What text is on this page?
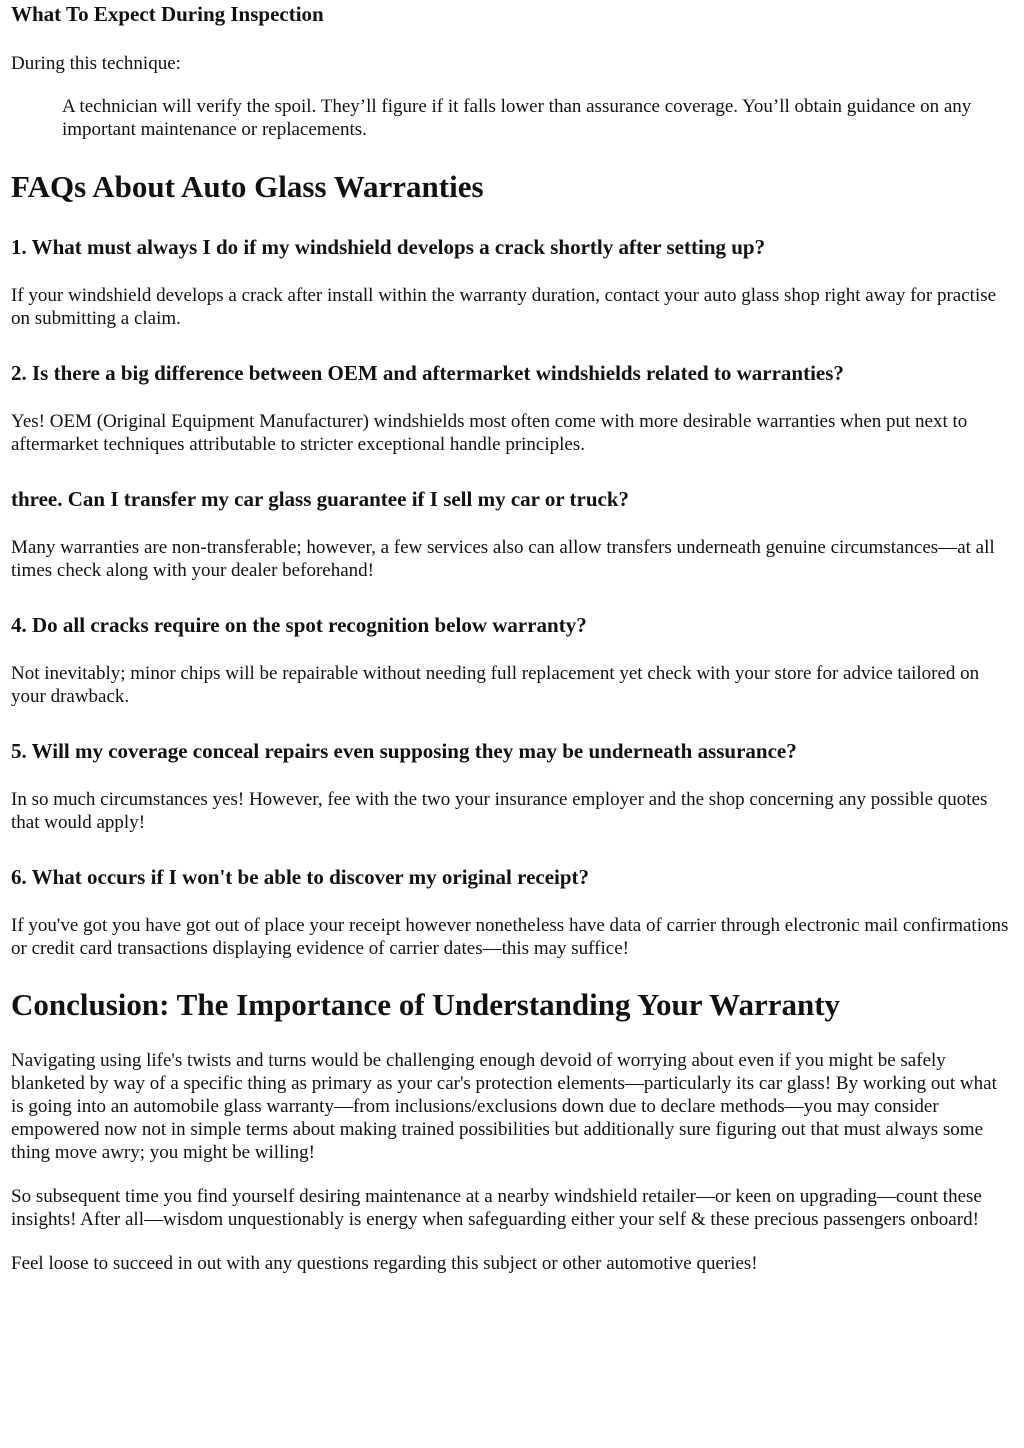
What To Expect During Inspection

During this technique:

A technician will verify the spoil. They’ll figure if it falls lower than assurance coverage. You’ll obtain guidance on any important maintenance or replacements.
FAQs About Auto Glass Warranties
1. What must always I do if my windshield develops a crack shortly after setting up?

If your windshield develops a crack after install within the warranty duration, contact your auto glass shop right away for practise on submitting a claim.

2. Is there a big difference between OEM and aftermarket windshields related to warranties?

Yes! OEM (Original Equipment Manufacturer) windshields most often come with more desirable warranties when put next to aftermarket techniques attributable to stricter exceptional handle principles.

three. Can I transfer my car glass guarantee if I sell my car or truck?

Many warranties are non-transferable; however, a few services also can allow transfers underneath genuine circumstances—at all times check along with your dealer beforehand!

4. Do all cracks require on the spot recognition below warranty?

Not inevitably; minor chips will be repairable without needing full replacement yet check with your store for advice tailored on your drawback.

5. Will my coverage conceal repairs even supposing they may be underneath assurance?

In so much circumstances yes! However, fee with the two your insurance employer and the shop concerning any possible quotes that would apply!

6. What occurs if I won't be able to discover my original receipt?

If you've got you have got out of place your receipt however nonetheless have data of carrier through electronic mail confirmations or credit card transactions displaying evidence of carrier dates—this may suffice!

Conclusion: The Importance of Understanding Your Warranty

Navigating using life's twists and turns would be challenging enough devoid of worrying about even if you might be safely blanketed by way of a specific thing as primary as your car's protection elements—particularly its car glass! By working out what is going into an automobile glass warranty—from inclusions/exclusions down due to declare methods—you may consider empowered now not in simple terms about making trained possibilities but additionally sure figuring out that must always some thing move awry; you might be willing!

So subsequent time you find yourself desiring maintenance at a nearby windshield retailer—or keen on upgrading—count these insights! After all—wisdom unquestionably is energy when safeguarding either your self & these precious passengers onboard!

Feel loose to succeed in out with any questions regarding this subject or other automotive queries!
